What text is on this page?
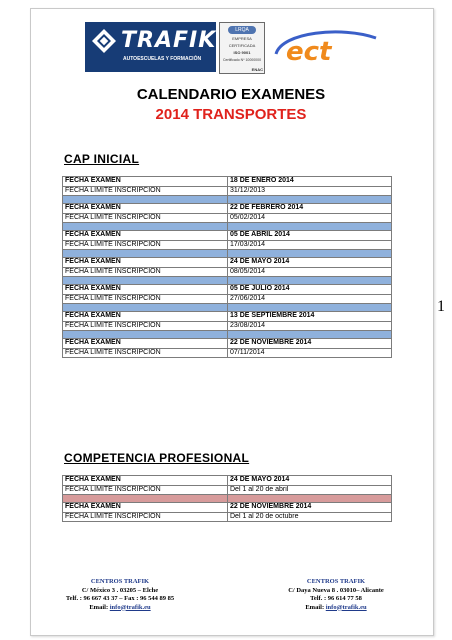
1
TRAFIK
AUTOESCUELAS Y FORMACIÓN
LRQA
EMPRESA
CERTIFICADA
ISO 9001
Certificado Nº 10000000
ENAC
ect
CALENDARIO EXAMENES
2014 TRANSPORTES
CAP INICIAL
FECHA EXAMEN	18 DE ENERO 2014
FECHA LÍMITE INSCRIPCIÓN	31/12/2013

FECHA EXAMEN	22 DE FEBRERO 2014
FECHA LÍMITE INSCRIPCIÓN	05/02/2014

FECHA EXAMEN	05 DE ABRIL 2014
FECHA LÍMITE INSCRIPCIÓN	17/03/2014

FECHA EXAMEN	24 DE MAYO 2014
FECHA LÍMITE INSCRIPCIÓN	08/05/2014

FECHA EXAMEN	05 DE JULIO 2014
FECHA LÍMITE INSCRIPCIÓN	27/06/2014

FECHA EXAMEN	13 DE SEPTIEMBRE 2014
FECHA LÍMITE INSCRIPCIÓN	23/08/2014

FECHA EXAMEN	22 DE NOVIEMBRE 2014
FECHA LÍMITE INSCRIPCIÓN	07/11/2014
COMPETENCIA PROFESIONAL
FECHA EXAMEN	24 DE MAYO 2014
FECHA LÍMITE INSCRIPCIÓN	Del 1 al 20 de abril

FECHA EXAMEN	22 DE NOVIEMBRE 2014
FECHA LÍMITE INSCRIPCIÓN	Del 1 al 20 de octubre
CENTROS TRAFIK
C/ México 3 . 03205 – Elche
Telf. : 96 667 43 37 – Fax : 96 544 89 85
Email: info@trafik.eu
CENTROS TRAFIK
C/ Daya Nueva 8 . 03010– Alicante
Telf. : 96 614 77 58
Email: info@trafik.eu
